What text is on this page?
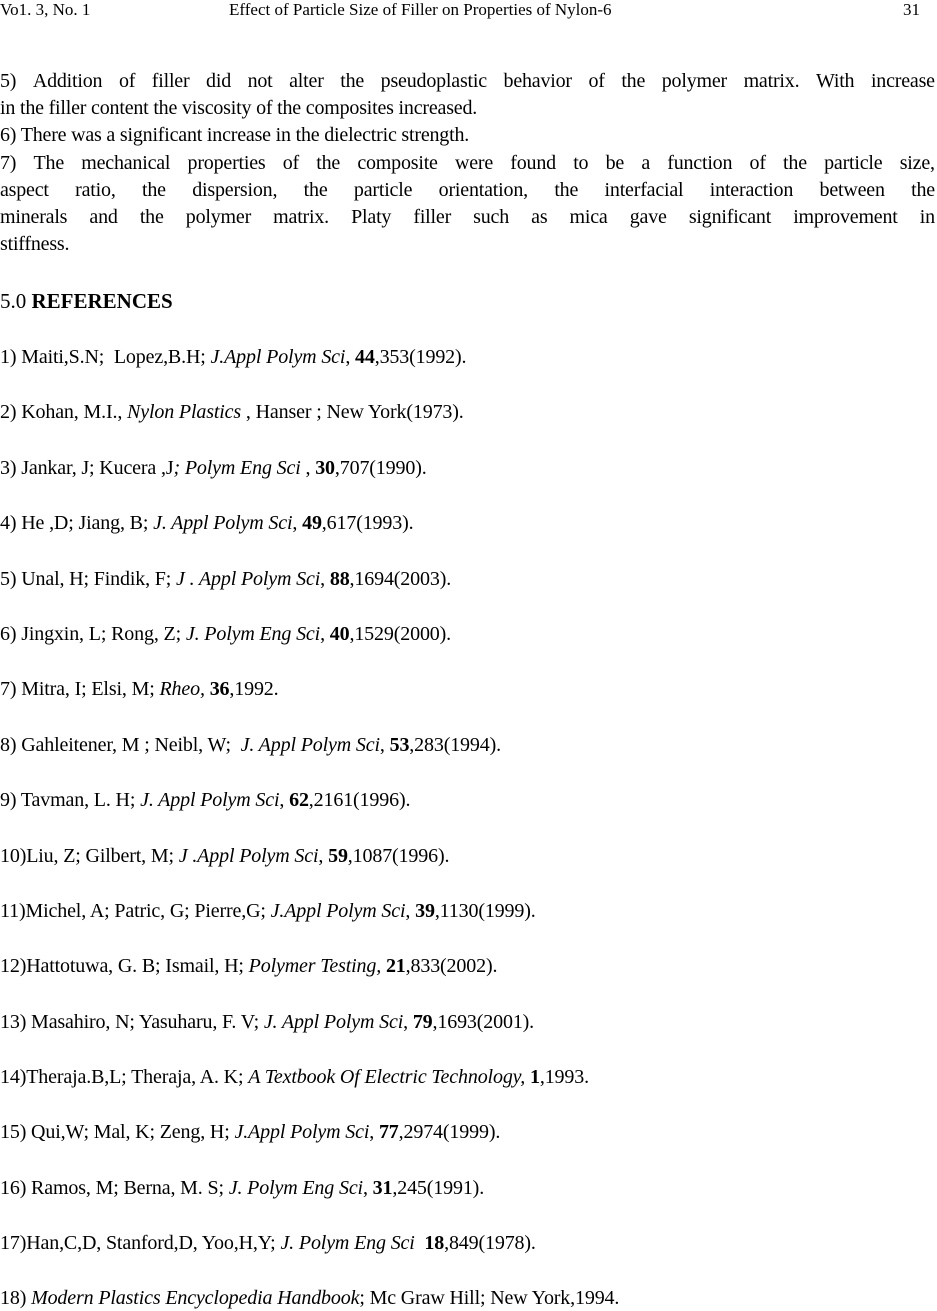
Vo1. 3, No. 1	Effect of Particle Size of Filler on Properties of Nylon-6	31
5) Addition of filler did not alter the pseudoplastic behavior of the polymer matrix. With increase
in the filler content the viscosity of the composites increased.
6) There was a significant increase in the dielectric strength.
7) The mechanical properties of the composite were found to be a function of the particle size,
aspect ratio, the dispersion, the particle orientation, the interfacial interaction between the
minerals and the polymer matrix. Platy filler such as mica gave significant improvement in
stiffness.
5.0 REFERENCES
1) Maiti,S.N;  Lopez,B.H; J.Appl Polym Sci, 44,353(1992).
2) Kohan, M.I., Nylon Plastics , Hanser ; New York(1973).
3) Jankar, J; Kucera ,J; Polym Eng Sci , 30,707(1990).
4) He ,D; Jiang, B; J. Appl Polym Sci, 49,617(1993).
5) Unal, H; Findik, F; J . Appl Polym Sci, 88,1694(2003).
6) Jingxin, L; Rong, Z; J. Polym Eng Sci, 40,1529(2000).
7) Mitra, I; Elsi, M; Rheo, 36,1992.
8) Gahleitener, M ; Neibl, W;  J. Appl Polym Sci, 53,283(1994).
9) Tavman, L. H; J. Appl Polym Sci, 62,2161(1996).
10)Liu, Z; Gilbert, M; J .Appl Polym Sci, 59,1087(1996).
11)Michel, A; Patric, G; Pierre,G; J.Appl Polym Sci, 39,1130(1999).
12)Hattotuwa, G. B; Ismail, H; Polymer Testing, 21,833(2002).
13) Masahiro, N; Yasuharu, F. V; J. Appl Polym Sci, 79,1693(2001).
14)Theraja.B,L; Theraja, A. K; A Textbook Of Electric Technology, 1,1993.
15) Qui,W; Mal, K; Zeng, H; J.Appl Polym Sci, 77,2974(1999).
16) Ramos, M; Berna, M. S; J. Polym Eng Sci, 31,245(1991).
17)Han,C,D, Stanford,D, Yoo,H,Y; J. Polym Eng Sci 18,849(1978).
18) Modern Plastics Encyclopedia Handbook; Mc Graw Hill; New York,1994.
